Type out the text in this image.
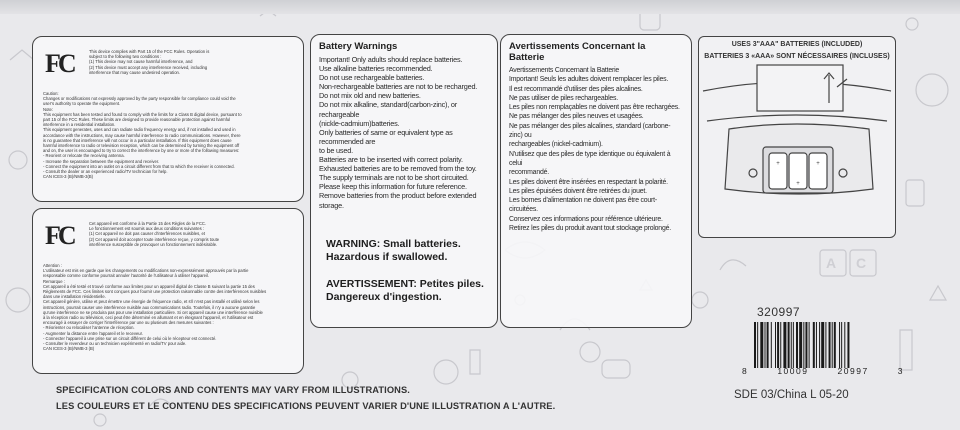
A C
FC	This device complies with Part 15 of the FCC Rules. Operation is

subject to the following two conditions :

(1) This device may not cause harmful interference, and

(2) This device must accept any interference received, including

interference that may cause undesired operation.

Caution:

Changes or modifications not expressly approved by the party responsible for compliance could void the

user's authority to operate the equipment.

Note:

This equipment has been tested and found to comply with the limits for a Class B digital device, pursuant to

part 15 of the FCC Rules. These limits are designed to provide reasonable protection against harmful

interference in a residential installation.

This equipment generates, uses and can radiate radio frequency energy and, if not installed and used in

accordance with the instructions, may cause harmful interference to radio communications. However, there

is no guarantee that interference will not occur in a particular installation. If this equipment does cause

harmful interference to radio or television reception, which can be determined by turning the equipment off

and on, the user is encouraged to try to correct the interference by one or more of the following measures:

- Reorient or relocate the receiving antenna.

- Increase the separation between the equipment and receiver.

- Connect the equipment into an outlet on a circuit different from that to which the receiver is connected.

- Consult the dealer or an experienced radio/TV technician for help.

CAN ICES-3 (B)/NMB-3(B)

FC	Cet appareil est conforme à la Partie 15 des Règles de la FCC.

Le fonctionnement est soumis aux deux conditions suivantes :

(1) Cet appareil ne doit pas causer d'interférences nuisibles, et

(2) Cet appareil doit accepter toute interférence reçue, y compris toute

interférence susceptible de provoquer un fonctionnement indésirable.

Attention :

L'utilisateur est mis en garde que les changements ou modifications non-expressément approuvés par la partie

responsable comme conforme pourrait annuler l'autorité de l'utilisateur à utiliser l'appareil.

Remarque :

Cet appareil a été testé et trouvé conforme aux limites pour un appareil digital de Classe B suivant la partie 15 des

Règlements de FCC. Ces limites sont conçues pour fournir une protection raisonnable contre des interférences nuisibles

dans une installation résidentielle.

Cet appareil génère, utilise et peut émettre une énergie de fréquence radio, et s'il n'est pas installé et utilisé selon les

instructions, pourrait causer une interférence nuisible aux communications radio. Toutefois, il n'y a aucune garantie

qu'une interférence ne se produira pas pour une installation particulière. Si cet appareil cause une interférence nuisible

à la réception radio ou télévision, ceci peut être déterminé en allumant et en éteignant l'appareil, et l'utilisateur est

encouragé à essayer de corriger l'interférence par une ou plusieurs des mesures suivantes :

- Réorienter ou relocaliser l'antenne de réception.

- Augmenter la distance entre l'appareil et le receveur.

- Connecter l'appareil à une prise sur un circuit différent de celui où le récepteur est connecté.

- Consulter le revendeur ou un technicien expérimenté en radio/TV pour aide.

CAN ICES-3 (B)/NMB-3 (B)

Battery Warnings
Important! Only adults should replace batteries.
Use alkaline batteries recommended.
Do not use rechargeable batteries.
Non-rechargeable batteries are not to be recharged.
Do not mix old and new batteries.
Do not mix alkaline, standard(carbon-zinc), or rechargeable
(nickle-cadmium)batteries.
Only batteries of same or equivalent type as recommended are
to be used.
Batteries are to be inserted with correct polarity.
Exhausted batteries are to be removed from the toy.
The supply terminals are not to be short circuited.
Please keep this information for future reference.
Remove batteries from the product before extended storage.
Avertissements Concernant la Batterie
Avertissements Concernant la Batterie
Important! Seuls les adultes doivent remplacer les piles.
Il est recommandé d'utiliser des piles alcalines.
Ne pas utiliser de piles rechargeables.
Les piles non remplaçables ne doivent pas être rechargées.
Ne pas mélanger des piles neuves et usagées.
Ne pas mélanger des piles alcalines, standard (carbone-zinc) ou
rechargeables (nickel-cadmium).
N'utilisez que des piles de type identique ou équivalent à celui
recommandé.
Les piles doivent être insérées en respectant la polarité.
Les piles épuisées doivent être retirées du jouet.
Les bornes d'alimentation ne doivent pas être court-circuitées.
Conservez ces informations pour référence ultérieure.
Retirez les piles du produit avant tout stockage prolongé.
WARNING: Small batteries.
Hazardous if swallowed.
AVERTISSEMENT: Petites piles.
Dangereux d'ingestion.
USES 3"AAA" BATTERIES (INCLUDED)
BATTERIES 3 «AAA» SONT NÉCESSAIRES (INCLUSES)
+
+
+
320997
8	10009	20997	3
SDE 03/China L 05-20
SPECIFICATION COLORS AND CONTENTS MAY VARY FROM ILLUSTRATIONS.
LES COULEURS ET LE CONTENU DES SPECIFICATIONS PEUVENT VARIER D'UNE ILLUSTRATION A L'AUTRE.
